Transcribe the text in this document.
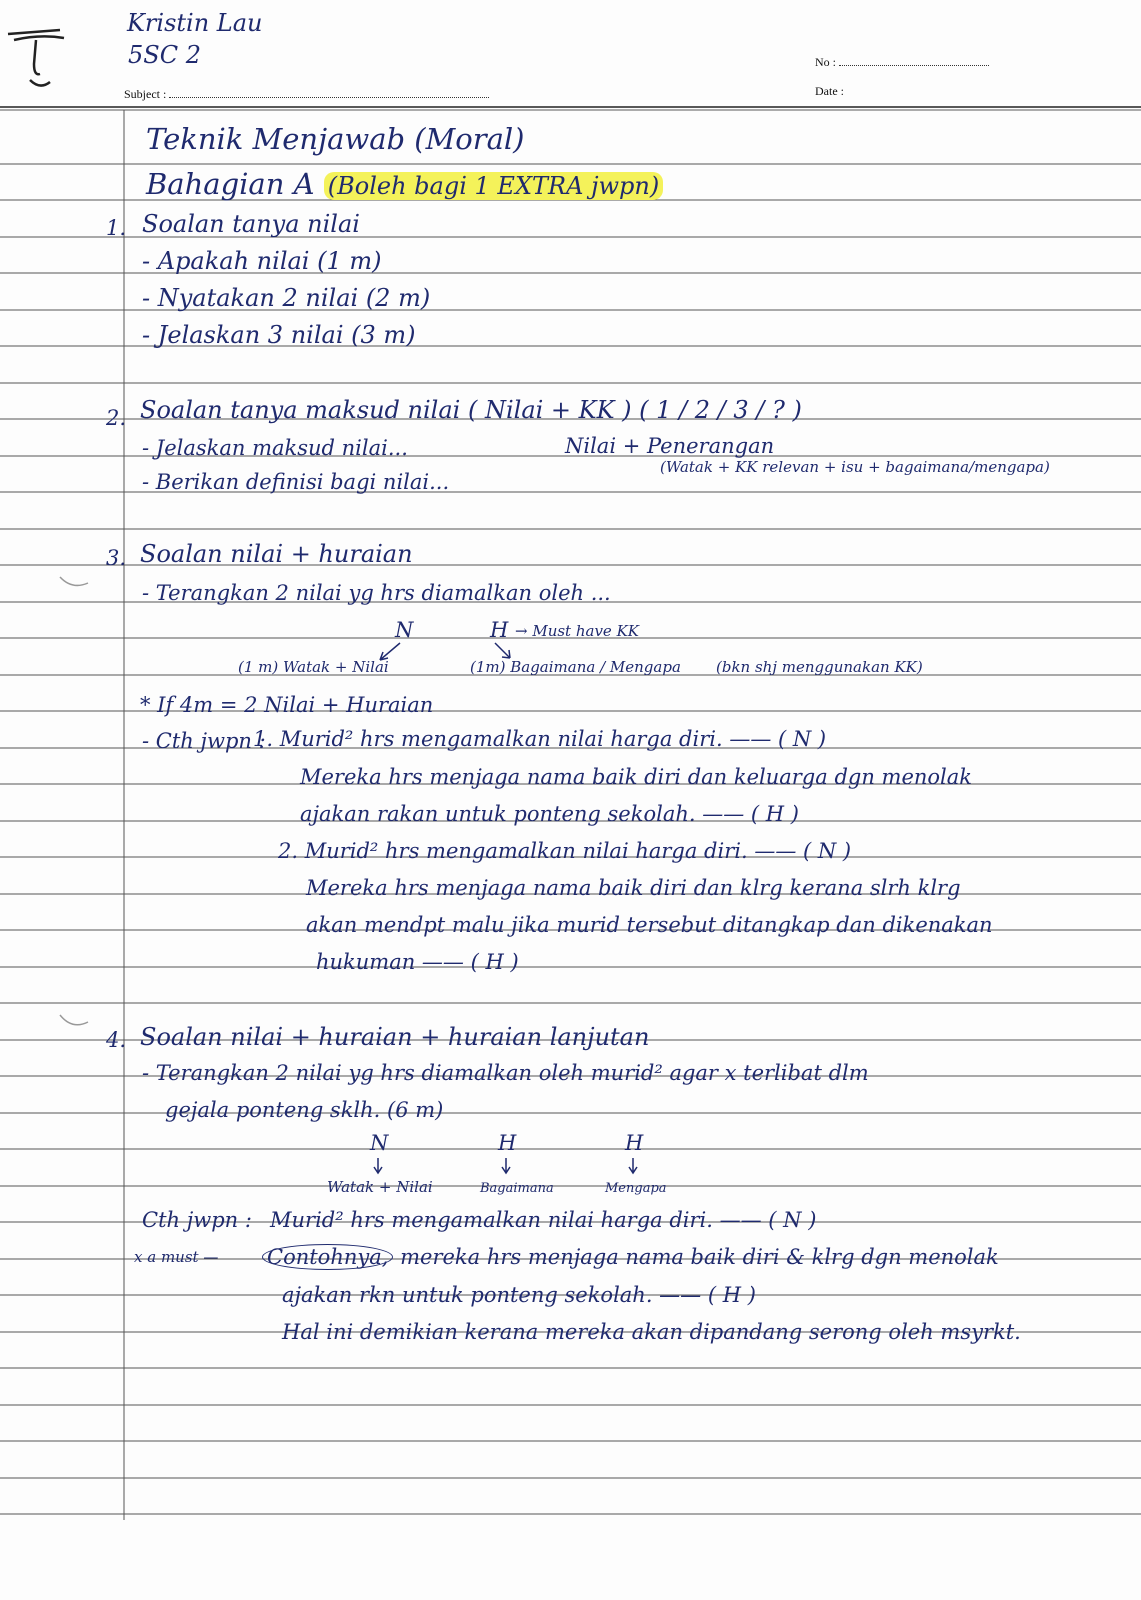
Kristin Lau
5SC 2
Subject :
No :
Date :
Teknik Menjawab (Moral)
Bahagian A (Boleh bagi 1 EXTRA jwpn)
1. Soalan tanya nilai
- Apakah nilai (1 m)
- Nyatakan 2 nilai (2 m)
- Jelaskan 3 nilai (3 m)
2. Soalan tanya maksud nilai ( Nilai + KK ) ( 1 / 2 / 3 / ? )
- Jelaskan maksud nilai...
- Berikan definisi bagi nilai...
Nilai + Penerangan
(Watak + KK relevan + isu + bagaimana/mengapa)
3. Soalan nilai + huraian
- Terangkan 2 nilai yg hrs diamalkan oleh ...
N	H → Must have KK
(1 m) Watak + Nilai	(1m) Bagaimana / Mengapa (bkn shj menggunakan KK)
* If 4m = 2 Nilai + Huraian
- Cth jwpn :
1. Murid² hrs mengamalkan nilai harga diri. —— ( N )
Mereka hrs menjaga nama baik diri dan keluarga dgn menolak
ajakan rakan untuk ponteng sekolah. —— ( H )
2. Murid² hrs mengamalkan nilai harga diri. —— ( N )
Mereka hrs menjaga nama baik diri dan klrg kerana slrh klrg
akan mendpt malu jika murid tersebut ditangkap dan dikenakan
hukuman —— ( H )
4. Soalan nilai + huraian + huraian lanjutan
- Terangkan 2 nilai yg hrs diamalkan oleh murid² agar x terlibat dlm
gejala ponteng sklh. (6 m)
N	H	H
Watak + Nilai	Bagaimana	Mengapa
Cth jwpn : Murid² hrs mengamalkan nilai harga diri. —— ( N )
x a must — Contohnya, mereka hrs menjaga nama baik diri & klrg dgn menolak
ajakan rkn untuk ponteng sekolah. —— ( H )
Hal ini demikian kerana mereka akan dipandang serong oleh msyrkt.
